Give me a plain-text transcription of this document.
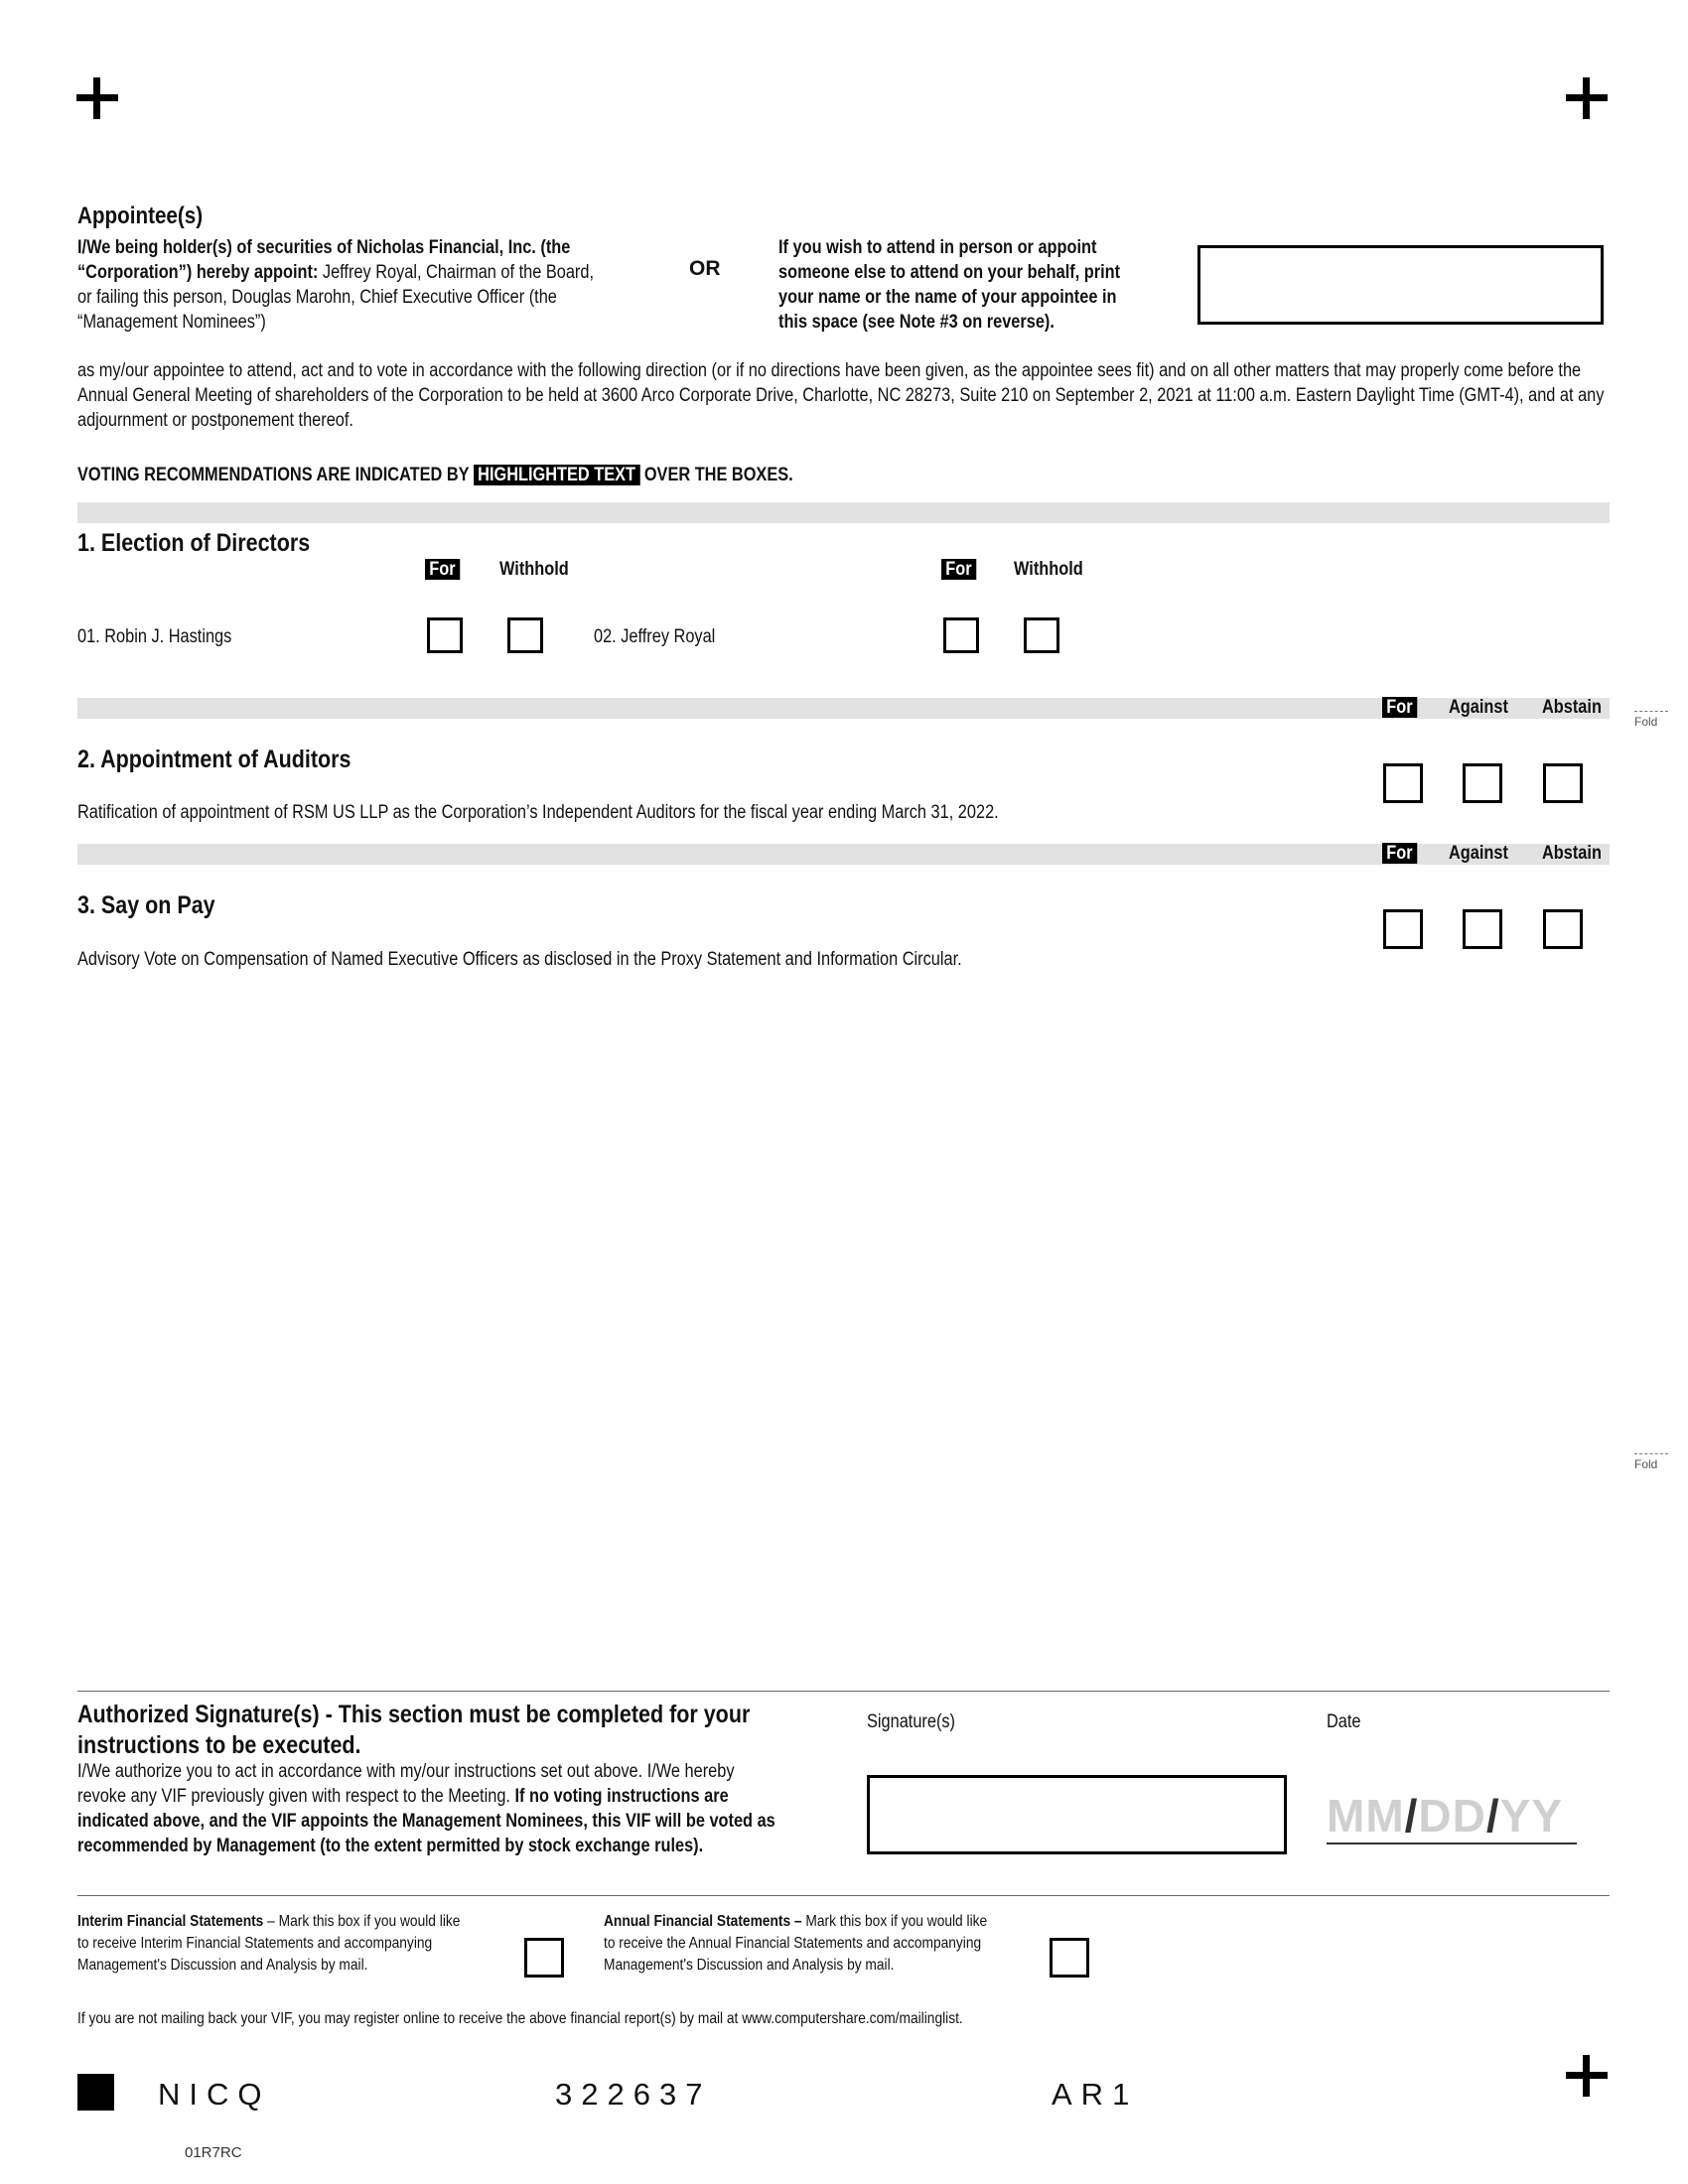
Appointee(s)
I/We being holder(s) of securities of Nicholas Financial, Inc. (the “Corporation”) hereby appoint: Jeffrey Royal, Chairman of the Board, or failing this person, Douglas Marohn, Chief Executive Officer (the “Management Nominees”)
OR
If you wish to attend in person or appoint someone else to attend on your behalf, print your name or the name of your appointee in this space (see Note #3 on reverse).
as my/our appointee to attend, act and to vote in accordance with the following direction (or if no directions have been given, as the appointee sees fit) and on all other matters that may properly come before the Annual General Meeting of shareholders of the Corporation to be held at 3600 Arco Corporate Drive, Charlotte, NC 28273, Suite 210 on September 2, 2021 at 11:00 a.m. Eastern Daylight Time (GMT-4), and at any adjournment or postponement thereof.
VOTING RECOMMENDATIONS ARE INDICATED BY HIGHLIGHTED TEXT OVER THE BOXES.
1. Election of Directors
For Withhold	For Withhold
01. Robin J. Hastings	02. Jeffrey Royal
For Against Abstain
Fold
2. Appointment of Auditors
Ratification of appointment of RSM US LLP as the Corporation’s Independent Auditors for the fiscal year ending March 31, 2022.
For Against Abstain
3. Say on Pay
Advisory Vote on Compensation of Named Executive Officers as disclosed in the Proxy Statement and Information Circular.
Fold
Authorized Signature(s) - This section must be completed for your instructions to be executed.
I/We authorize you to act in accordance with my/our instructions set out above. I/We hereby revoke any VIF previously given with respect to the Meeting. If no voting instructions are indicated above, and the VIF appoints the Management Nominees, this VIF will be voted as recommended by Management (to the extent permitted by stock exchange rules).
Signature(s)	Date
MM/DD/YY
Interim Financial Statements – Mark this box if you would like to receive Interim Financial Statements and accompanying Management's Discussion and Analysis by mail.
Annual Financial Statements – Mark this box if you would like to receive the Annual Financial Statements and accompanying Management's Discussion and Analysis by mail.
If you are not mailing back your VIF, you may register online to receive the above financial report(s) by mail at www.computershare.com/mailinglist.
NICQ	322637	AR1
01R7RC
